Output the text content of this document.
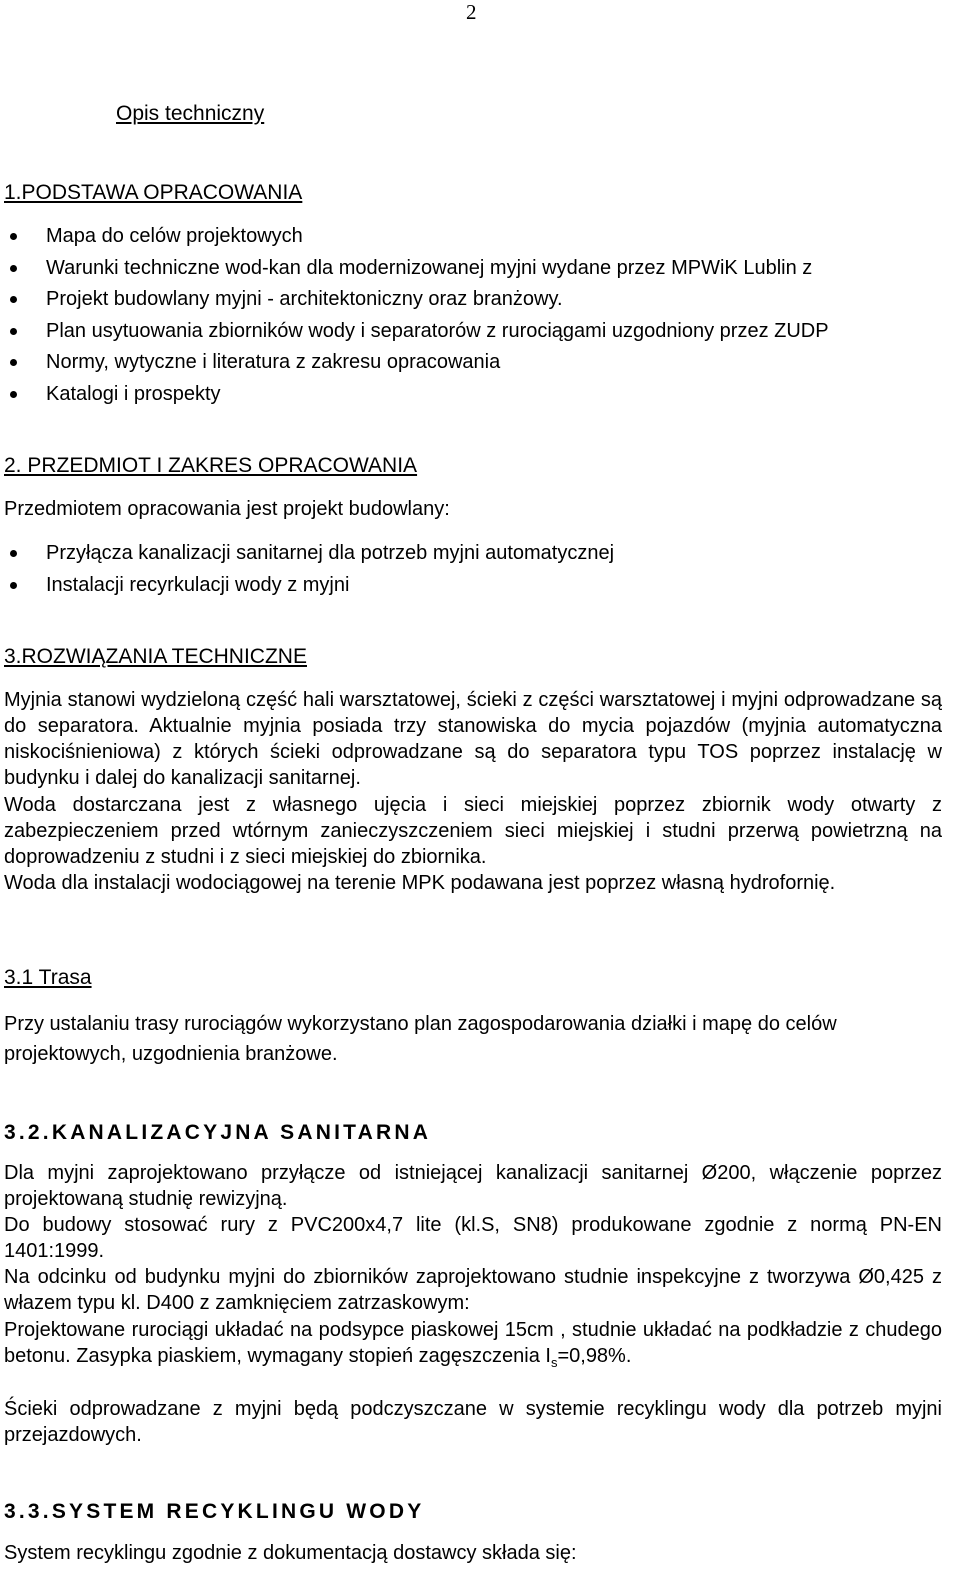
2
Opis techniczny
1.PODSTAWA OPRACOWANIA
Mapa do celów projektowych
Warunki techniczne wod-kan dla modernizowanej myjni wydane przez MPWiK Lublin z
Projekt budowlany myjni - architektoniczny oraz branżowy.
Plan usytuowania zbiorników wody i separatorów z rurociągami uzgodniony przez ZUDP
Normy, wytyczne i literatura z zakresu opracowania
Katalogi i prospekty
2. PRZEDMIOT I ZAKRES OPRACOWANIA

Przedmiotem opracowania jest projekt budowlany:

Przyłącza kanalizacji sanitarnej dla potrzeb myjni automatycznej
Instalacji recyrkulacji wody z myjni
3.ROZWIĄZANIA TECHNICZNE

Myjnia stanowi wydzieloną część hali warsztatowej, ścieki z części warsztatowej i myjni odprowadzane są do separatora. Aktualnie myjnia posiada trzy stanowiska do mycia pojazdów (myjnia automatyczna niskociśnieniowa) z których ścieki odprowadzane są do separatora typu TOS poprzez instalację w budynku i dalej do kanalizacji sanitarnej.

Woda dostarczana jest z własnego ujęcia i sieci miejskiej poprzez zbiornik wody otwarty z zabezpieczeniem przed wtórnym zanieczyszczeniem sieci miejskiej i studni przerwą powietrzną na doprowadzeniu z studni i z sieci miejskiej do zbiornika.

Woda dla instalacji wodociągowej na terenie MPK podawana jest poprzez własną hydrofornię.

3.1 Trasa

Przy ustalaniu trasy rurociągów wykorzystano plan zagospodarowania działki i mapę do celów projektowych, uzgodnienia branżowe.

3.2.KANALIZACYJNA SANITARNA

Dla myjni zaprojektowano przyłącze od istniejącej kanalizacji sanitarnej Ø200, włączenie poprzez projektowaną studnię rewizyjną.

Do budowy stosować rury z PVC200x4,7 lite (kl.S, SN8) produkowane zgodnie z normą PN-EN 1401:1999.

Na odcinku od budynku myjni do zbiorników zaprojektowano studnie inspekcyjne z tworzywa Ø0,425 z włazem typu kl. D400 z zamknięciem zatrzaskowym:

Projektowane rurociągi układać na podsypce piaskowej 15cm , studnie układać na podkładzie z chudego betonu. Zasypka piaskiem, wymagany stopień zagęszczenia $I_s=0,98\%$.

Ścieki odprowadzane z myjni będą podczyszczane w systemie recyklingu wody dla potrzeb myjni przejazdowych.

3.3.SYSTEM RECYKLINGU WODY

System recyklingu zgodnie z dokumentacją dostawcy składa się:
